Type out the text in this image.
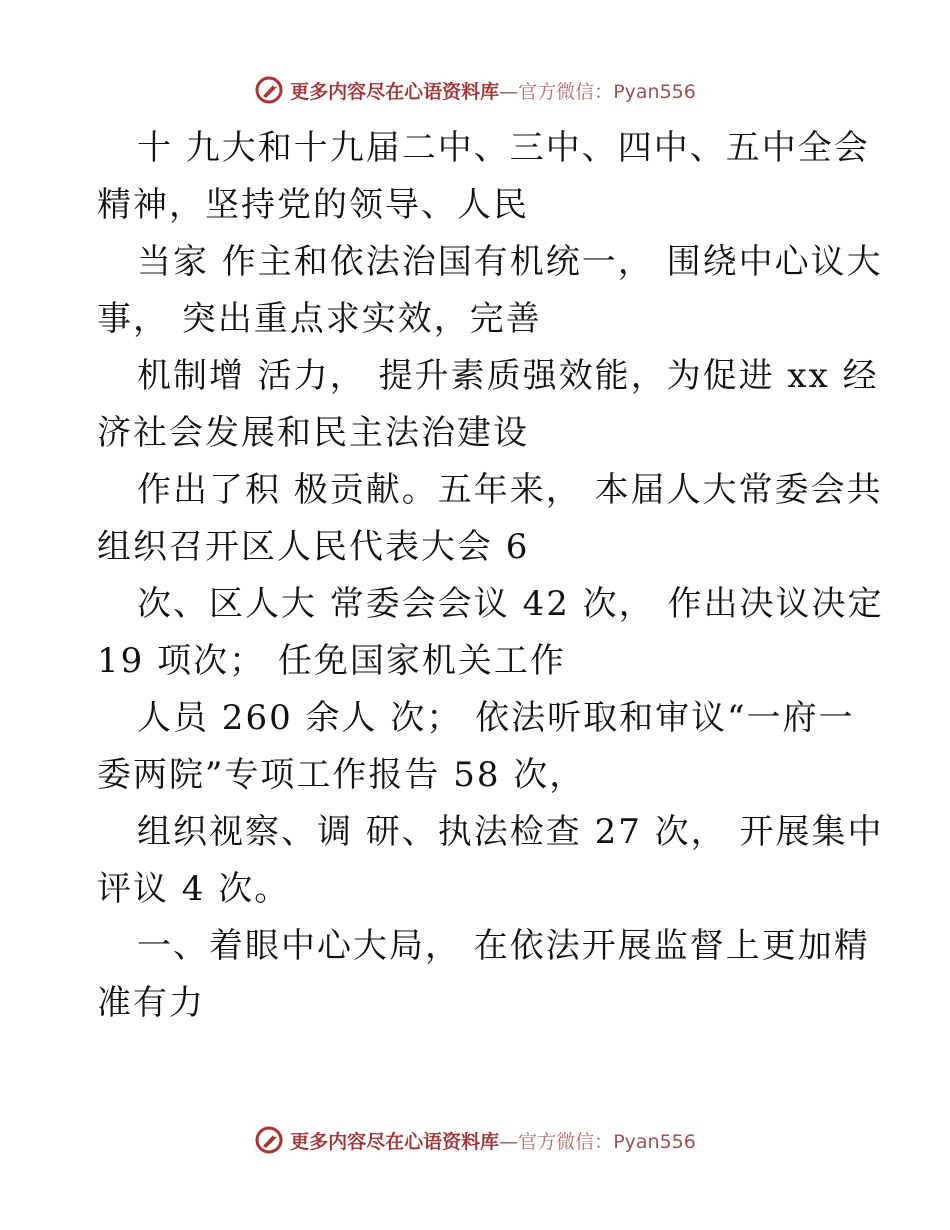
更多内容尽在心语资料库—官方微信：Pyan556
十 九大和十九届二中、三中、四中、五中全会
精神，坚持党的领导、人民
当家 作主和依法治国有机统一， 围绕中心议大
事， 突出重点求实效，完善
机制增 活力， 提升素质强效能，为促进 xx 经
济社会发展和民主法治建设
作出了积 极贡献。五年来， 本届人大常委会共
组织召开区人民代表大会 6
次、区人大 常委会会议 42 次， 作出决议决定
19 项次； 任免国家机关工作
人员 260 余人 次； 依法听取和审议“一府一
委两院”专项工作报告 58 次，
组织视察、调 研、执法检查 27 次， 开展集中
评议 4 次。
一、着眼中心大局， 在依法开展监督上更加精
准有力
更多内容尽在心语资料库—官方微信：Pyan556
